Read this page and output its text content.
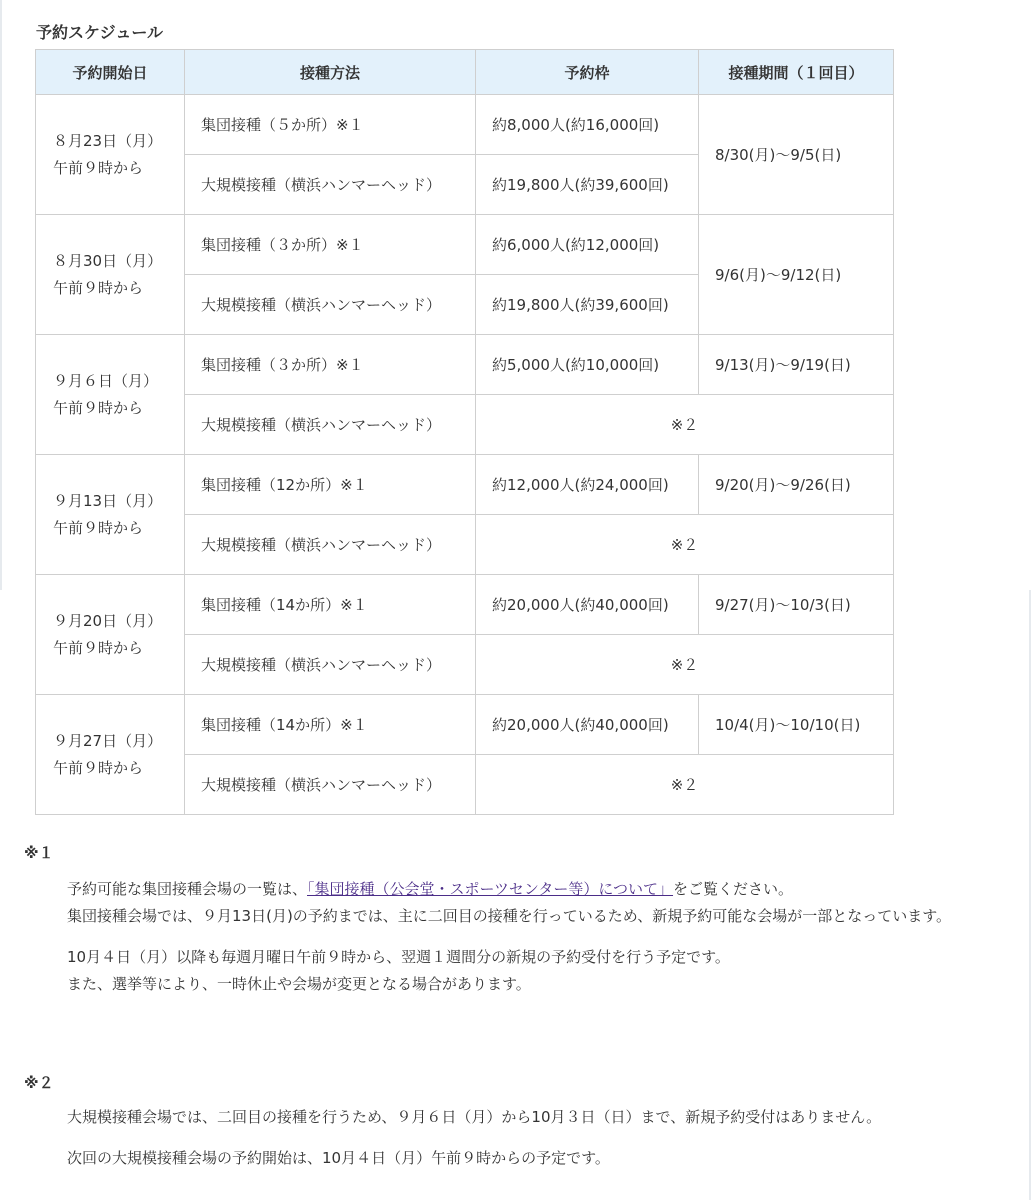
予約スケジュール
予約開始日	接種方法	予約枠	接種期間（１回目）

８月23日（月）
午前９時から	集団接種（５か所）※１	約8,000人(約16,000回)	8/30(月)～9/5(日)
	大規模接種（横浜ハンマーヘッド）	約19,800人(約39,600回)	

８月30日（月）
午前９時から	集団接種（３か所）※１	約6,000人(約12,000回)	9/6(月)～9/12(日)
	大規模接種（横浜ハンマーヘッド）	約19,800人(約39,600回)	

９月６日（月）
午前９時から	集団接種（３か所）※１	約5,000人(約10,000回)	9/13(月)～9/19(日)
	大規模接種（横浜ハンマーヘッド）	※２	

９月13日（月）
午前９時から	集団接種（12か所）※１	約12,000人(約24,000回)	9/20(月)～9/26(日)
	大規模接種（横浜ハンマーヘッド）	※２	

９月20日（月）
午前９時から	集団接種（14か所）※１	約20,000人(約40,000回)	9/27(月)～10/3(日)
	大規模接種（横浜ハンマーヘッド）	※２	

９月27日（月）
午前９時から	集団接種（14か所）※１	約20,000人(約40,000回)	10/4(月)～10/10(日)
	大規模接種（横浜ハンマーヘッド）	※２	
※１

予約可能な集団接種会場の一覧は、「集団接種（公会堂・スポーツセンター等）について」をご覧ください。

集団接種会場では、９月13日(月)の予約までは、主に二回目の接種を行っているため、新規予約可能な会場が一部となっています。

10月４日（月）以降も毎週月曜日午前９時から、翌週１週間分の新規の予約受付を行う予定です。

また、選挙等により、一時休止や会場が変更となる場合があります。

※２

大規模接種会場では、二回目の接種を行うため、９月６日（月）から10月３日（日）まで、新規予約受付はありません。

次回の大規模接種会場の予約開始は、10月４日（月）午前９時からの予定です。
